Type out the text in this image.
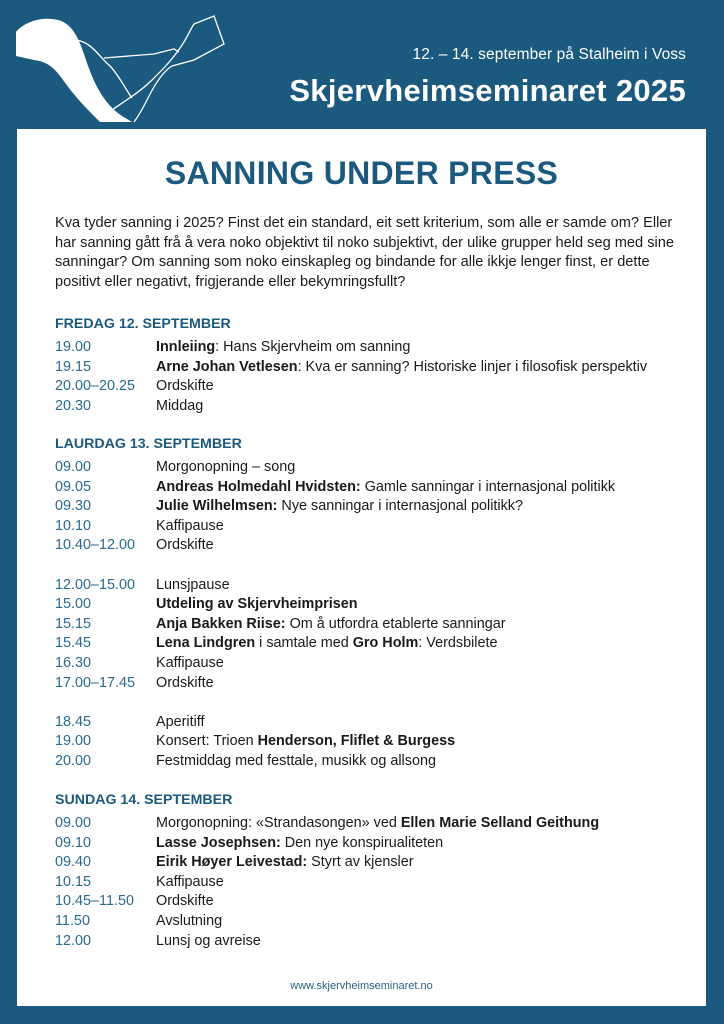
12. – 14. september på Stalheim i Voss
Skjervheimseminaret 2025
SANNING UNDER PRESS
Kva tyder sanning i 2025? Finst det ein standard, eit sett kriterium, som alle er samde om? Eller har sanning gått frå å vera noko objektivt til noko subjektivt, der ulike grupper held seg med sine sanningar? Om sanning som noko einskapleg og bindande for alle ikkje lenger finst, er dette positivt eller negativt, frigjerande eller bekymringsfullt?
FREDAG 12. SEPTEMBER
19.00	Innleiing: Hans Skjervheim om sanning
19.15	Arne Johan Vetlesen: Kva er sanning? Historiske linjer i filosofisk perspektiv
20.00–20.25	Ordskifte
20.30	Middag
LAURDAG 13. SEPTEMBER
09.00	Morgonopning – song
09.05	Andreas Holmedahl Hvidsten: Gamle sanningar i internasjonal politikk
09.30	Julie Wilhelmsen: Nye sanningar i internasjonal politikk?
10.10	Kaffipause
10.40–12.00	Ordskifte
12.00–15.00	Lunsjpause
15.00	Utdeling av Skjervheimprisen
15.15	Anja Bakken Riise: Om å utfordra etablerte sanningar
15.45	Lena Lindgren i samtale med Gro Holm: Verdsbilete
16.30	Kaffipause
17.00–17.45	Ordskifte
18.45	Aperitiff
19.00	Konsert: Trioen Henderson, Fliflet & Burgess
20.00	Festmiddag med festtale, musikk og allsong
SUNDAG 14. SEPTEMBER
09.00	Morgonopning: «Strandasongen» ved Ellen Marie Selland Geithung
09.10	Lasse Josephsen: Den nye konspirualiteten
09.40	Eirik Høyer Leivestad: Styrt av kjensler
10.15	Kaffipause
10.45–11.50	Ordskifte
11.50	Avslutning
12.00	Lunsj og avreise
www.skjervheimseminaret.no
